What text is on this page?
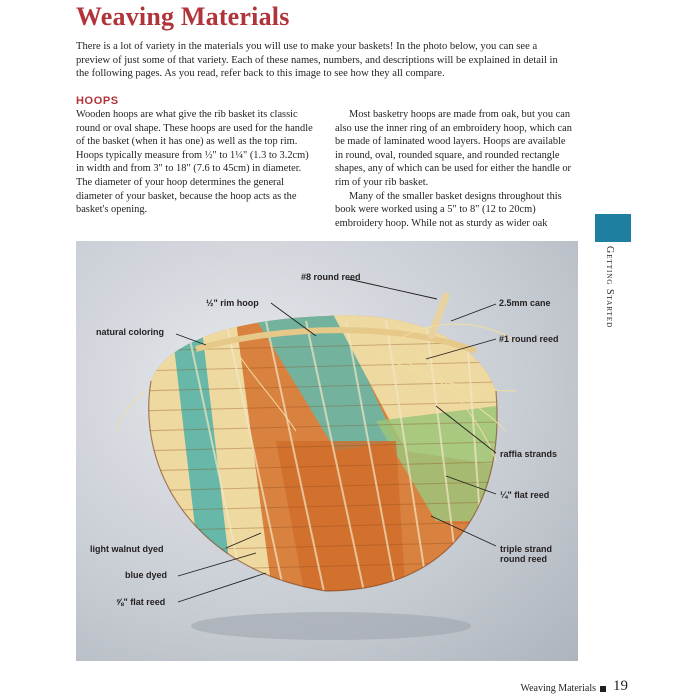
Weaving Materials
There is a lot of variety in the materials you will use to make your baskets! In the photo below, you can see a preview of just some of that variety. Each of these names, numbers, and descriptions will be explained in detail in the following pages. As you read, refer back to this image to see how they all compare.
HOOPS

Wooden hoops are what give the rib basket its classic round or oval shape. These hoops are used for the handle of the basket (when it has one) as well as the top rim. Hoops typically measure from ½" to 1¼" (1.3 to 3.2cm) in width and from 3" to 18" (7.6 to 45cm) in diameter. The diameter of your hoop determines the general diameter of your basket, because the hoop acts as the basket's opening.

Most basketry hoops are made from oak, but you can also use the inner ring of an embroidery hoop, which can be made of laminated wood layers. Hoops are available in round, oval, rounded square, and rounded rectangle shapes, any of which can be used for either the handle or rim of your rib basket.

Many of the smaller basket designs throughout this book were worked using a 5" to 8" (12 to 20cm) embroidery hoop. While not as sturdy as wider oak

Getting Started
#8 round reed
½" rim hoop	2.5mm cane
natural coloring
#1 round reed
raffia strands
¼" flat reed
light walnut dyed	triple strand
round reed
blue dyed
⅝" flat reed
Weaving Materials 19
